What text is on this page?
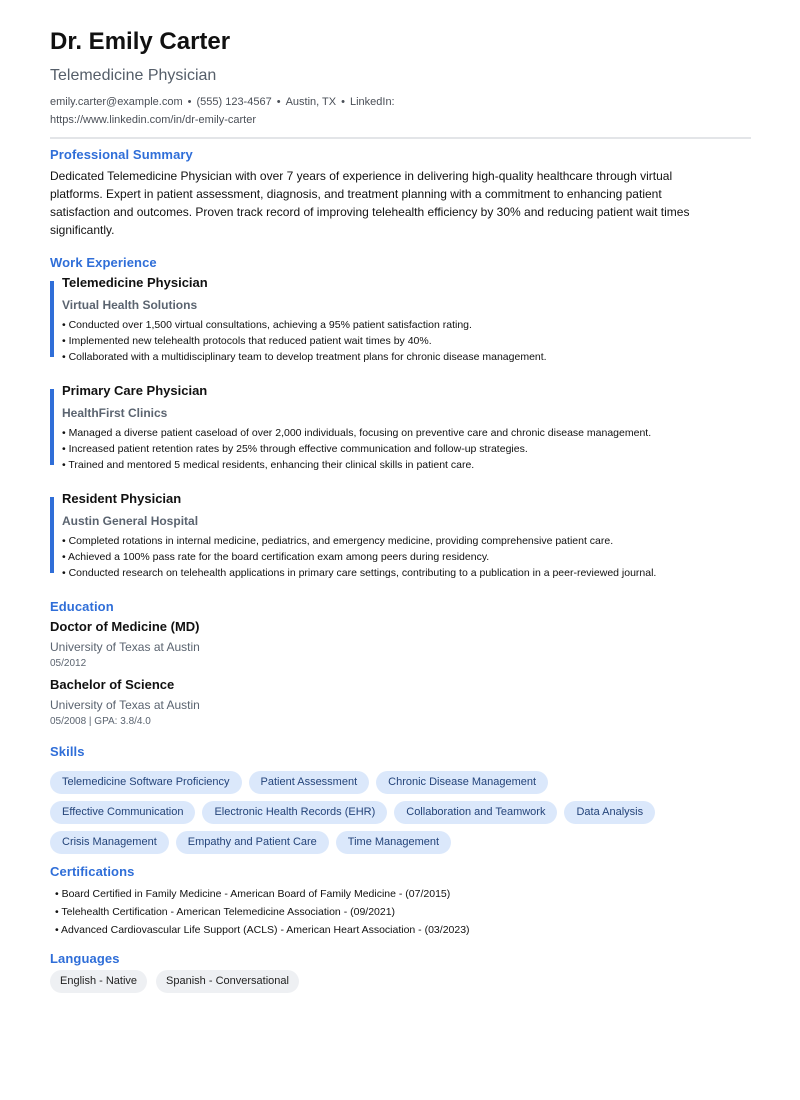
Dr. Emily Carter
Telemedicine Physician
emily.carter@example.com • (555) 123-4567 • Austin, TX • LinkedIn: https://www.linkedin.com/in/dr-emily-carter
Professional Summary
Dedicated Telemedicine Physician with over 7 years of experience in delivering high-quality healthcare through virtual platforms. Expert in patient assessment, diagnosis, and treatment planning with a commitment to enhancing patient satisfaction and outcomes. Proven track record of improving telehealth efficiency by 30% and reducing patient wait times significantly.
Work Experience
Telemedicine Physician
Virtual Health Solutions
• Conducted over 1,500 virtual consultations, achieving a 95% patient satisfaction rating.
• Implemented new telehealth protocols that reduced patient wait times by 40%.
• Collaborated with a multidisciplinary team to develop treatment plans for chronic disease management.
Primary Care Physician
HealthFirst Clinics
• Managed a diverse patient caseload of over 2,000 individuals, focusing on preventive care and chronic disease management.
• Increased patient retention rates by 25% through effective communication and follow-up strategies.
• Trained and mentored 5 medical residents, enhancing their clinical skills in patient care.
Resident Physician
Austin General Hospital
• Completed rotations in internal medicine, pediatrics, and emergency medicine, providing comprehensive patient care.
• Achieved a 100% pass rate for the board certification exam among peers during residency.
• Conducted research on telehealth applications in primary care settings, contributing to a publication in a peer-reviewed journal.
Education
Doctor of Medicine (MD)
University of Texas at Austin
05/2012
Bachelor of Science
University of Texas at Austin
05/2008 | GPA: 3.8/4.0
Skills
Telemedicine Software Proficiency	Patient Assessment	Chronic Disease Management
Effective Communication	Electronic Health Records (EHR)	Collaboration and Teamwork	Data Analysis
Crisis Management	Empathy and Patient Care	Time Management
Certifications
• Board Certified in Family Medicine - American Board of Family Medicine - (07/2015)
• Telehealth Certification - American Telemedicine Association - (09/2021)
• Advanced Cardiovascular Life Support (ACLS) - American Heart Association - (03/2023)
Languages
English - Native	Spanish - Conversational
